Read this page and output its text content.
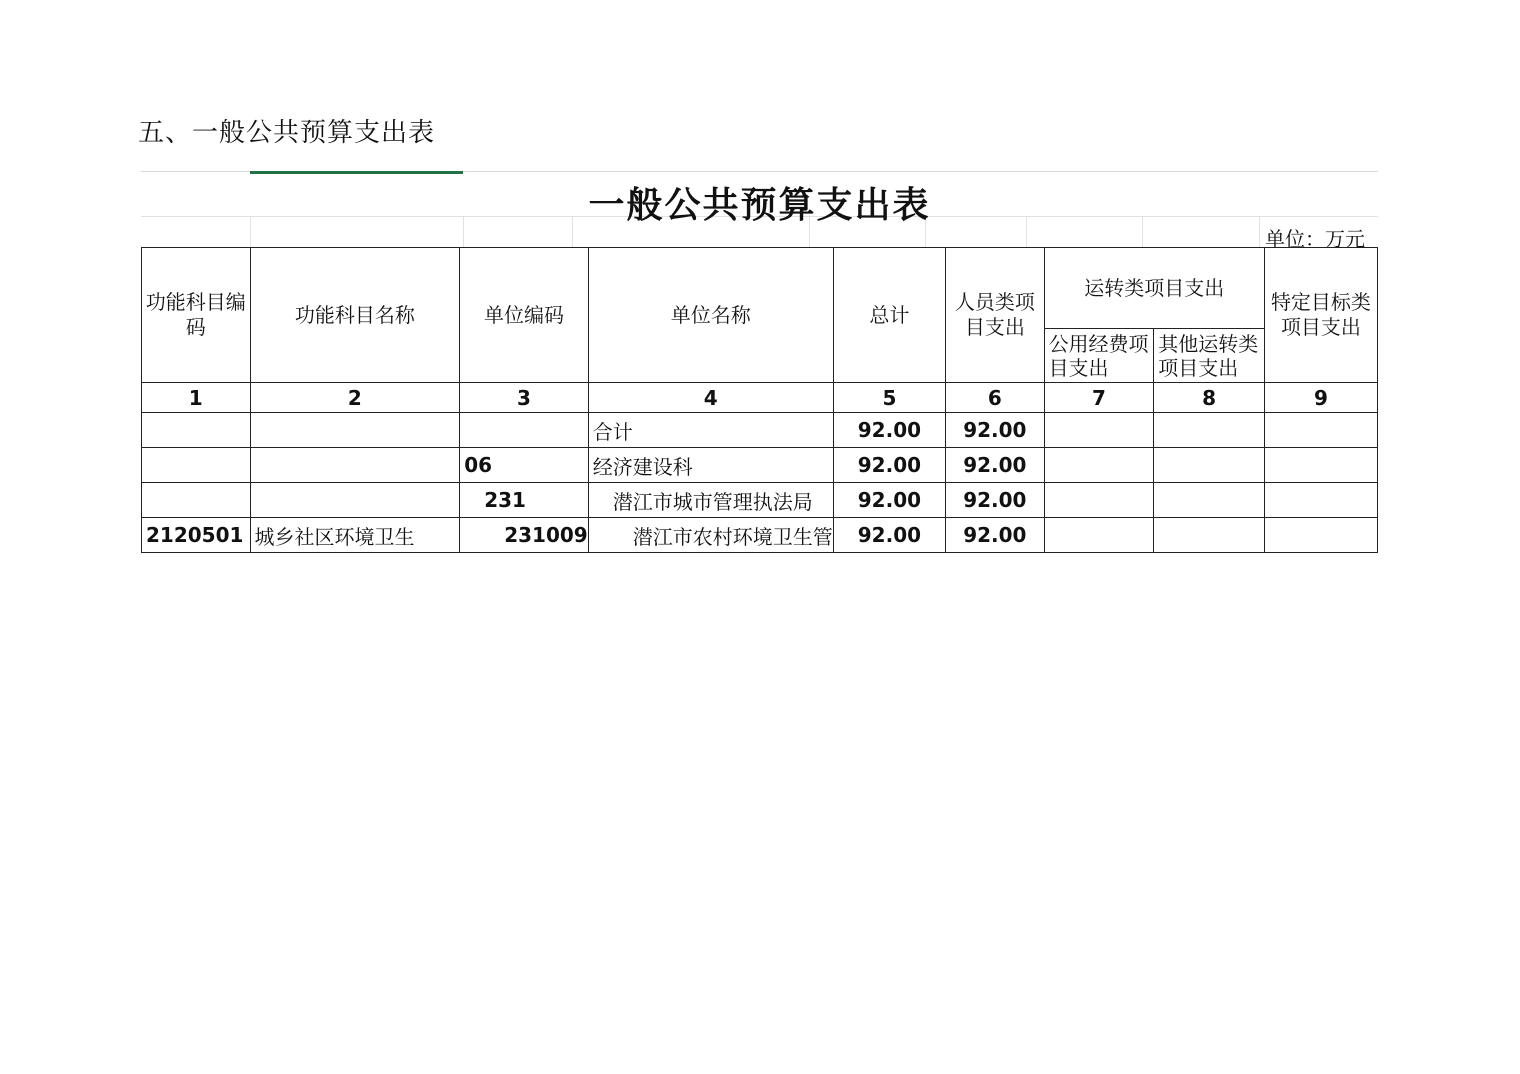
五、一般公共预算支出表
一般公共预算支出表
单位：万元
功能科目编码	功能科目名称	单位编码	单位名称	总计	人员类项目支出	运转类项目支出		特定目标类项目支出
						公用经费项目支出	其他运转类项目支出	
1	2	3	4	5	6	7	8	9
			合计	92.00	92.00			
		06	经济建设科	92.00	92.00			
		231	潜江市城市管理执法局	92.00	92.00			
2120501	城乡社区环境卫生	231009	潜江市农村环境卫生管	92.00	92.00			
